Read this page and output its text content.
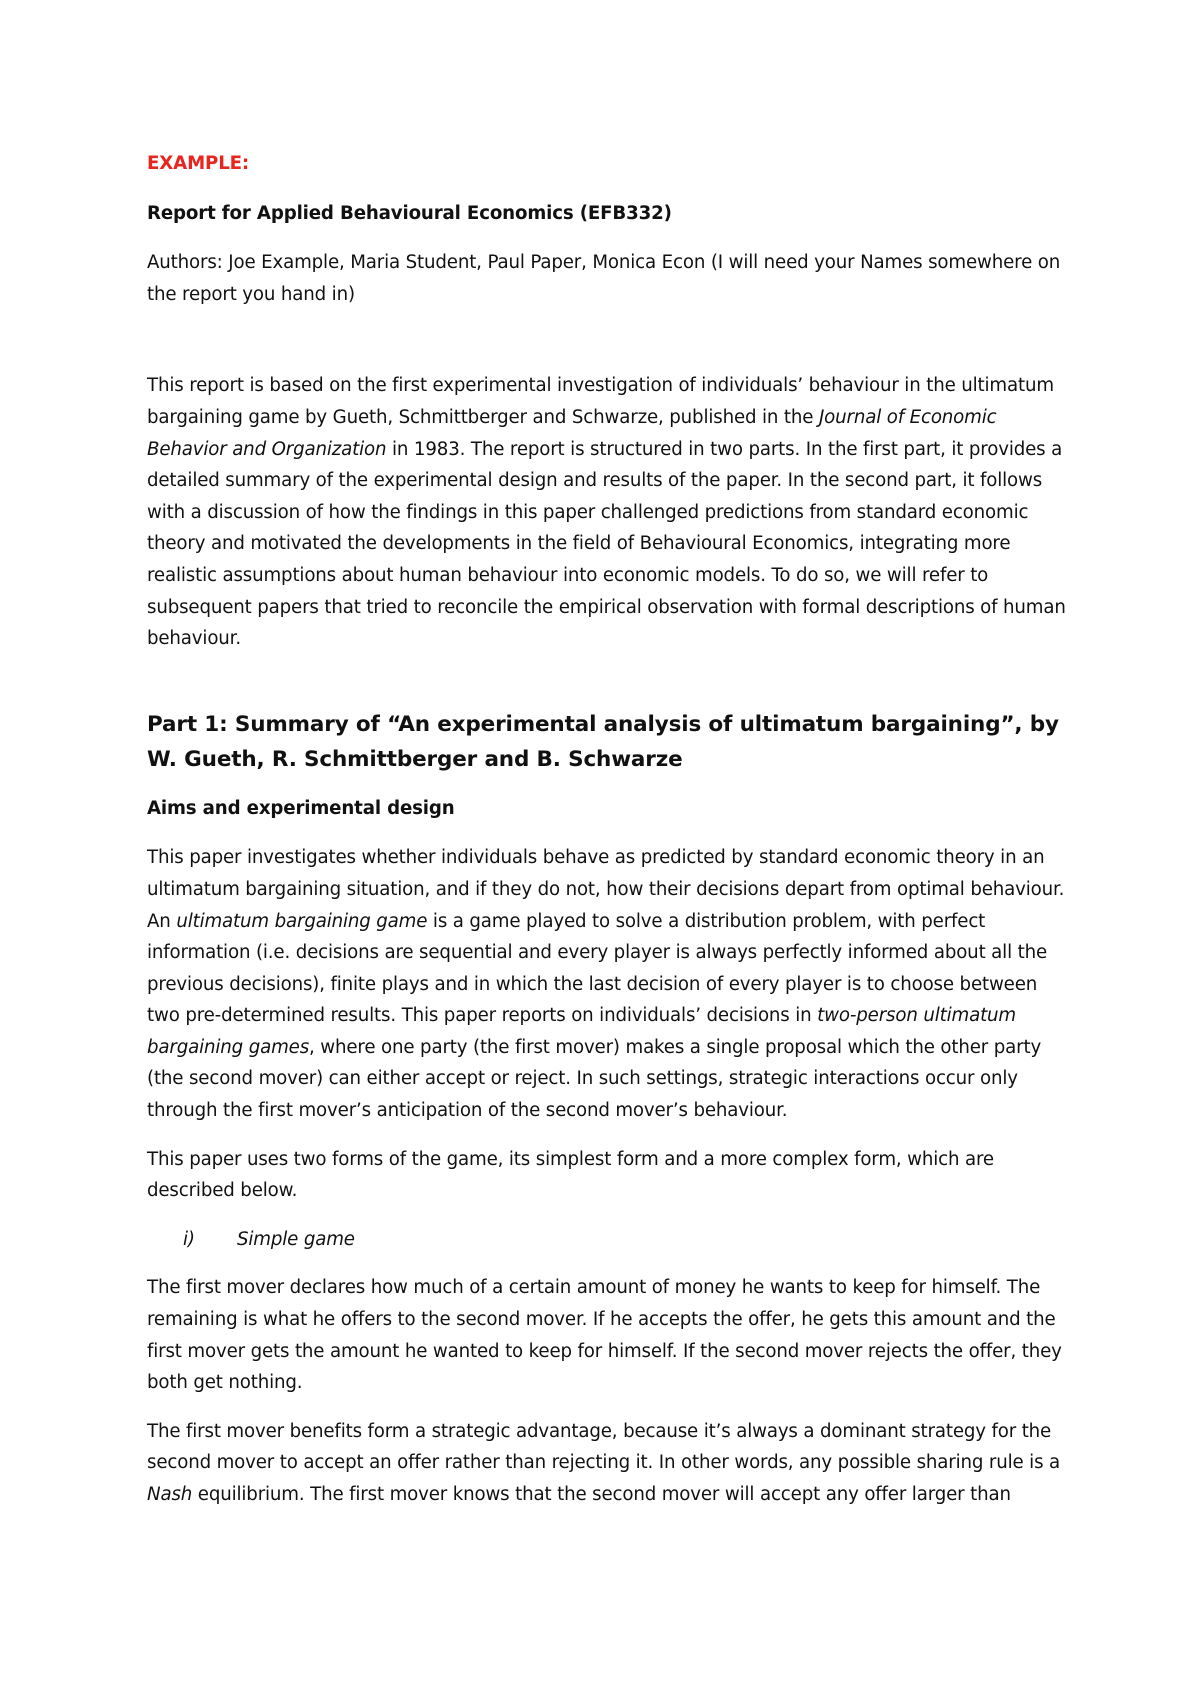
EXAMPLE:

Report for Applied Behavioural Economics (EFB332)

Authors: Joe Example, Maria Student, Paul Paper, Monica Econ (I will need your Names somewhere on the report you hand in)

This report is based on the first experimental investigation of individuals’ behaviour in the ultimatum bargaining game by Gueth, Schmittberger and Schwarze, published in the Journal of Economic Behavior and Organization in 1983. The report is structured in two parts. In the first part, it provides a detailed summary of the experimental design and results of the paper. In the second part, it follows with a discussion of how the findings in this paper challenged predictions from standard economic theory and motivated the developments in the field of Behavioural Economics, integrating more realistic assumptions about human behaviour into economic models. To do so, we will refer to subsequent papers that tried to reconcile the empirical observation with formal descriptions of human behaviour.

Part 1: Summary of “An experimental analysis of ultimatum bargaining”, by W. Gueth, R. Schmittberger and B. Schwarze

Aims and experimental design

This paper investigates whether individuals behave as predicted by standard economic theory in an ultimatum bargaining situation, and if they do not, how their decisions depart from optimal behaviour. An ultimatum bargaining game is a game played to solve a distribution problem, with perfect information (i.e. decisions are sequential and every player is always perfectly informed about all the previous decisions), finite plays and in which the last decision of every player is to choose between two pre-determined results. This paper reports on individuals’ decisions in two-person ultimatum bargaining games, where one party (the first mover) makes a single proposal which the other party (the second mover) can either accept or reject. In such settings, strategic interactions occur only through the first mover’s anticipation of the second mover’s behaviour.

This paper uses two forms of the game, its simplest form and a more complex form, which are described below.

i)	Simple game

The first mover declares how much of a certain amount of money he wants to keep for himself. The remaining is what he offers to the second mover. If he accepts the offer, he gets this amount and the first mover gets the amount he wanted to keep for himself. If the second mover rejects the offer, they both get nothing.

The first mover benefits form a strategic advantage, because it’s always a dominant strategy for the second mover to accept an offer rather than rejecting it. In other words, any possible sharing rule is a Nash equilibrium. The first mover knows that the second mover will accept any offer larger than
